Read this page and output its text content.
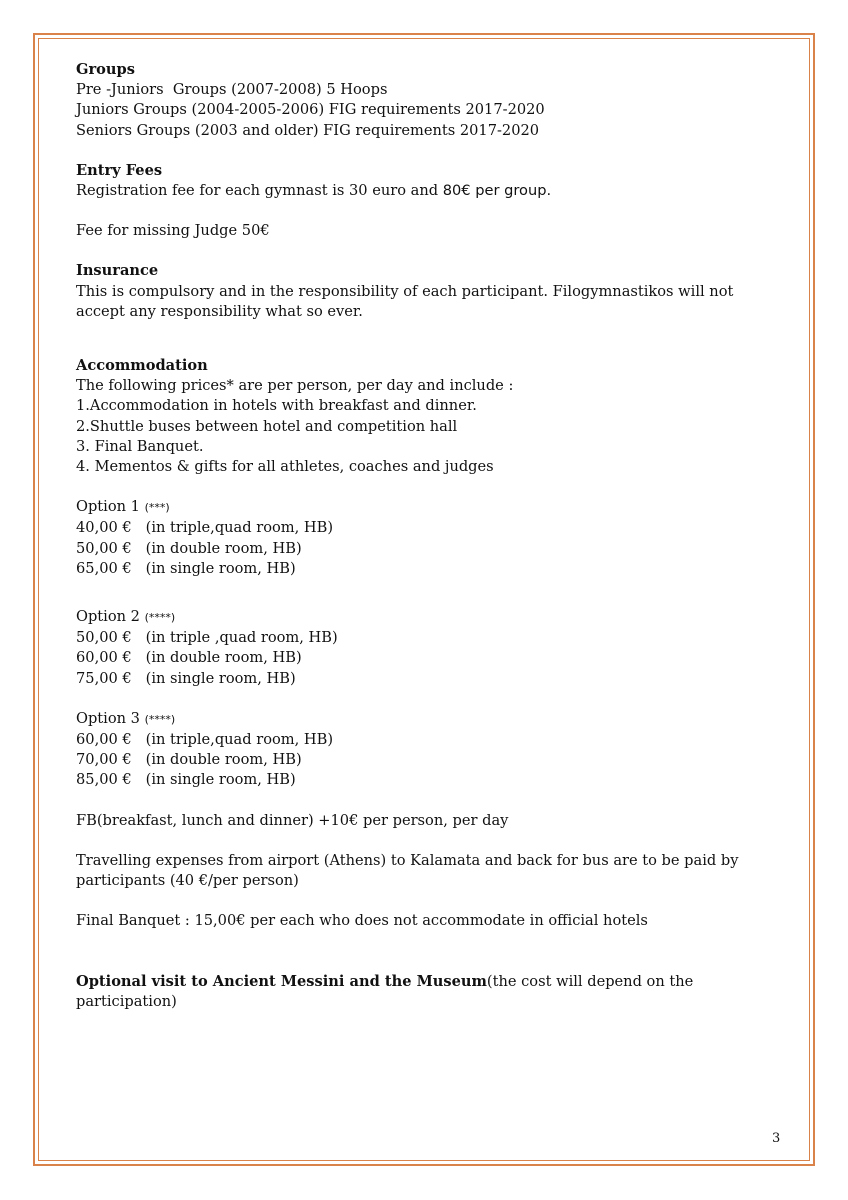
Groups

Pre -Juniors  Groups (2007-2008) 5 Hoops

Juniors Groups (2004-2005-2006) FIG requirements 2017-2020

Seniors Groups (2003 and older) FIG requirements 2017-2020

Entry Fees

Registration fee for each gymnast is 30 euro and 80€ per group.

Fee for missing Judge 50€

Insurance

This is compulsory and in the responsibility of each participant. Filogymnastikos will not accept any responsibility what so ever.

Accommodation

The following prices* are per person, per day and include :

1.Accommodation in hotels with breakfast and dinner.

2.Shuttle buses between hotel and competition hall

3. Final Banquet.

4. Mementos & gifts for all athletes, coaches and judges

Option 1 (***)

40,00 € (in triple,quad room, HB)

50,00 € (in double room, HB)

65,00 € (in single room, HB)

Option 2 (****)

50,00 € (in triple ,quad room, HB)

60,00 € (in double room, HB)

75,00 € (in single room, HB)

Option 3 (****)

60,00 € (in triple,quad room, HB)

70,00 € (in double room, HB)

85,00 € (in single room, HB)

FB(breakfast, lunch and dinner) +10€ per person, per day

Travelling expenses from airport (Athens) to Kalamata and back for bus are to be paid by participants (40 €/per person)

Final Banquet : 15,00€ per each who does not accommodate in official hotels

Optional visit to Ancient Messini and the Museum(the cost will depend on the participation)

3
